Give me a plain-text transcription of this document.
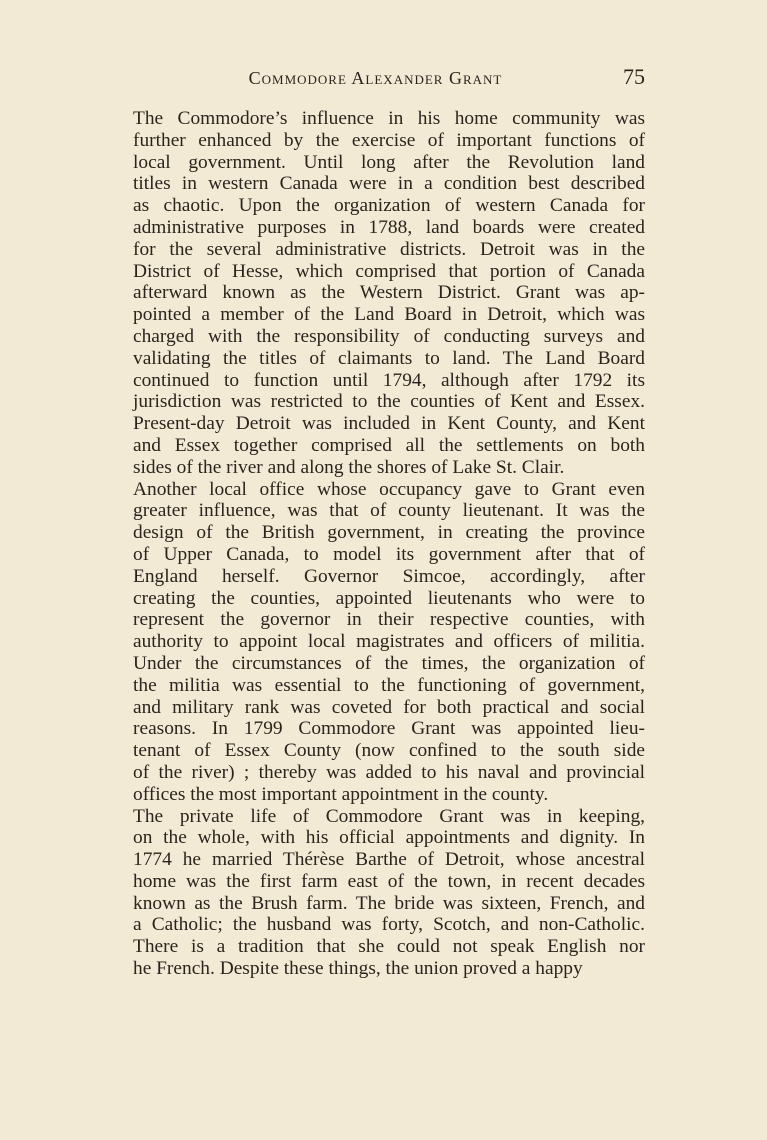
Commodore Alexander Grant	75

The Commodore’s influence in his home community was
further enhanced by the exercise of important functions of
local government. Until long after the Revolution land
titles in western Canada were in a condition best described
as chaotic. Upon the organization of western Canada for
administrative purposes in 1788, land boards were created
for the several administrative districts. Detroit was in the
District of Hesse, which comprised that portion of Canada
afterward known as the Western District. Grant was ap-
pointed a member of the Land Board in Detroit, which was
charged with the responsibility of conducting surveys and
validating the titles of claimants to land. The Land Board
continued to function until 1794, although after 1792 its
jurisdiction was restricted to the counties of Kent and Essex.
Present-day Detroit was included in Kent County, and Kent
and Essex together comprised all the settlements on both
sides of the river and along the shores of Lake St. Clair.

Another local office whose occupancy gave to Grant even
greater influence, was that of county lieutenant. It was the
design of the British government, in creating the province
of Upper Canada, to model its government after that of
England herself. Governor Simcoe, accordingly, after
creating the counties, appointed lieutenants who were to
represent the governor in their respective counties, with
authority to appoint local magistrates and officers of militia.
Under the circumstances of the times, the organization of
the militia was essential to the functioning of government,
and military rank was coveted for both practical and social
reasons. In 1799 Commodore Grant was appointed lieu-
tenant of Essex County (now confined to the south side
of the river) ; thereby was added to his naval and provincial
offices the most important appointment in the county.

The private life of Commodore Grant was in keeping,
on the whole, with his official appointments and dignity. In
1774 he married Thérèse Barthe of Detroit, whose ancestral
home was the first farm east of the town, in recent decades
known as the Brush farm. The bride was sixteen, French, and
a Catholic; the husband was forty, Scotch, and non-Catholic.
There is a tradition that she could not speak English nor
he French. Despite these things, the union proved a happy
